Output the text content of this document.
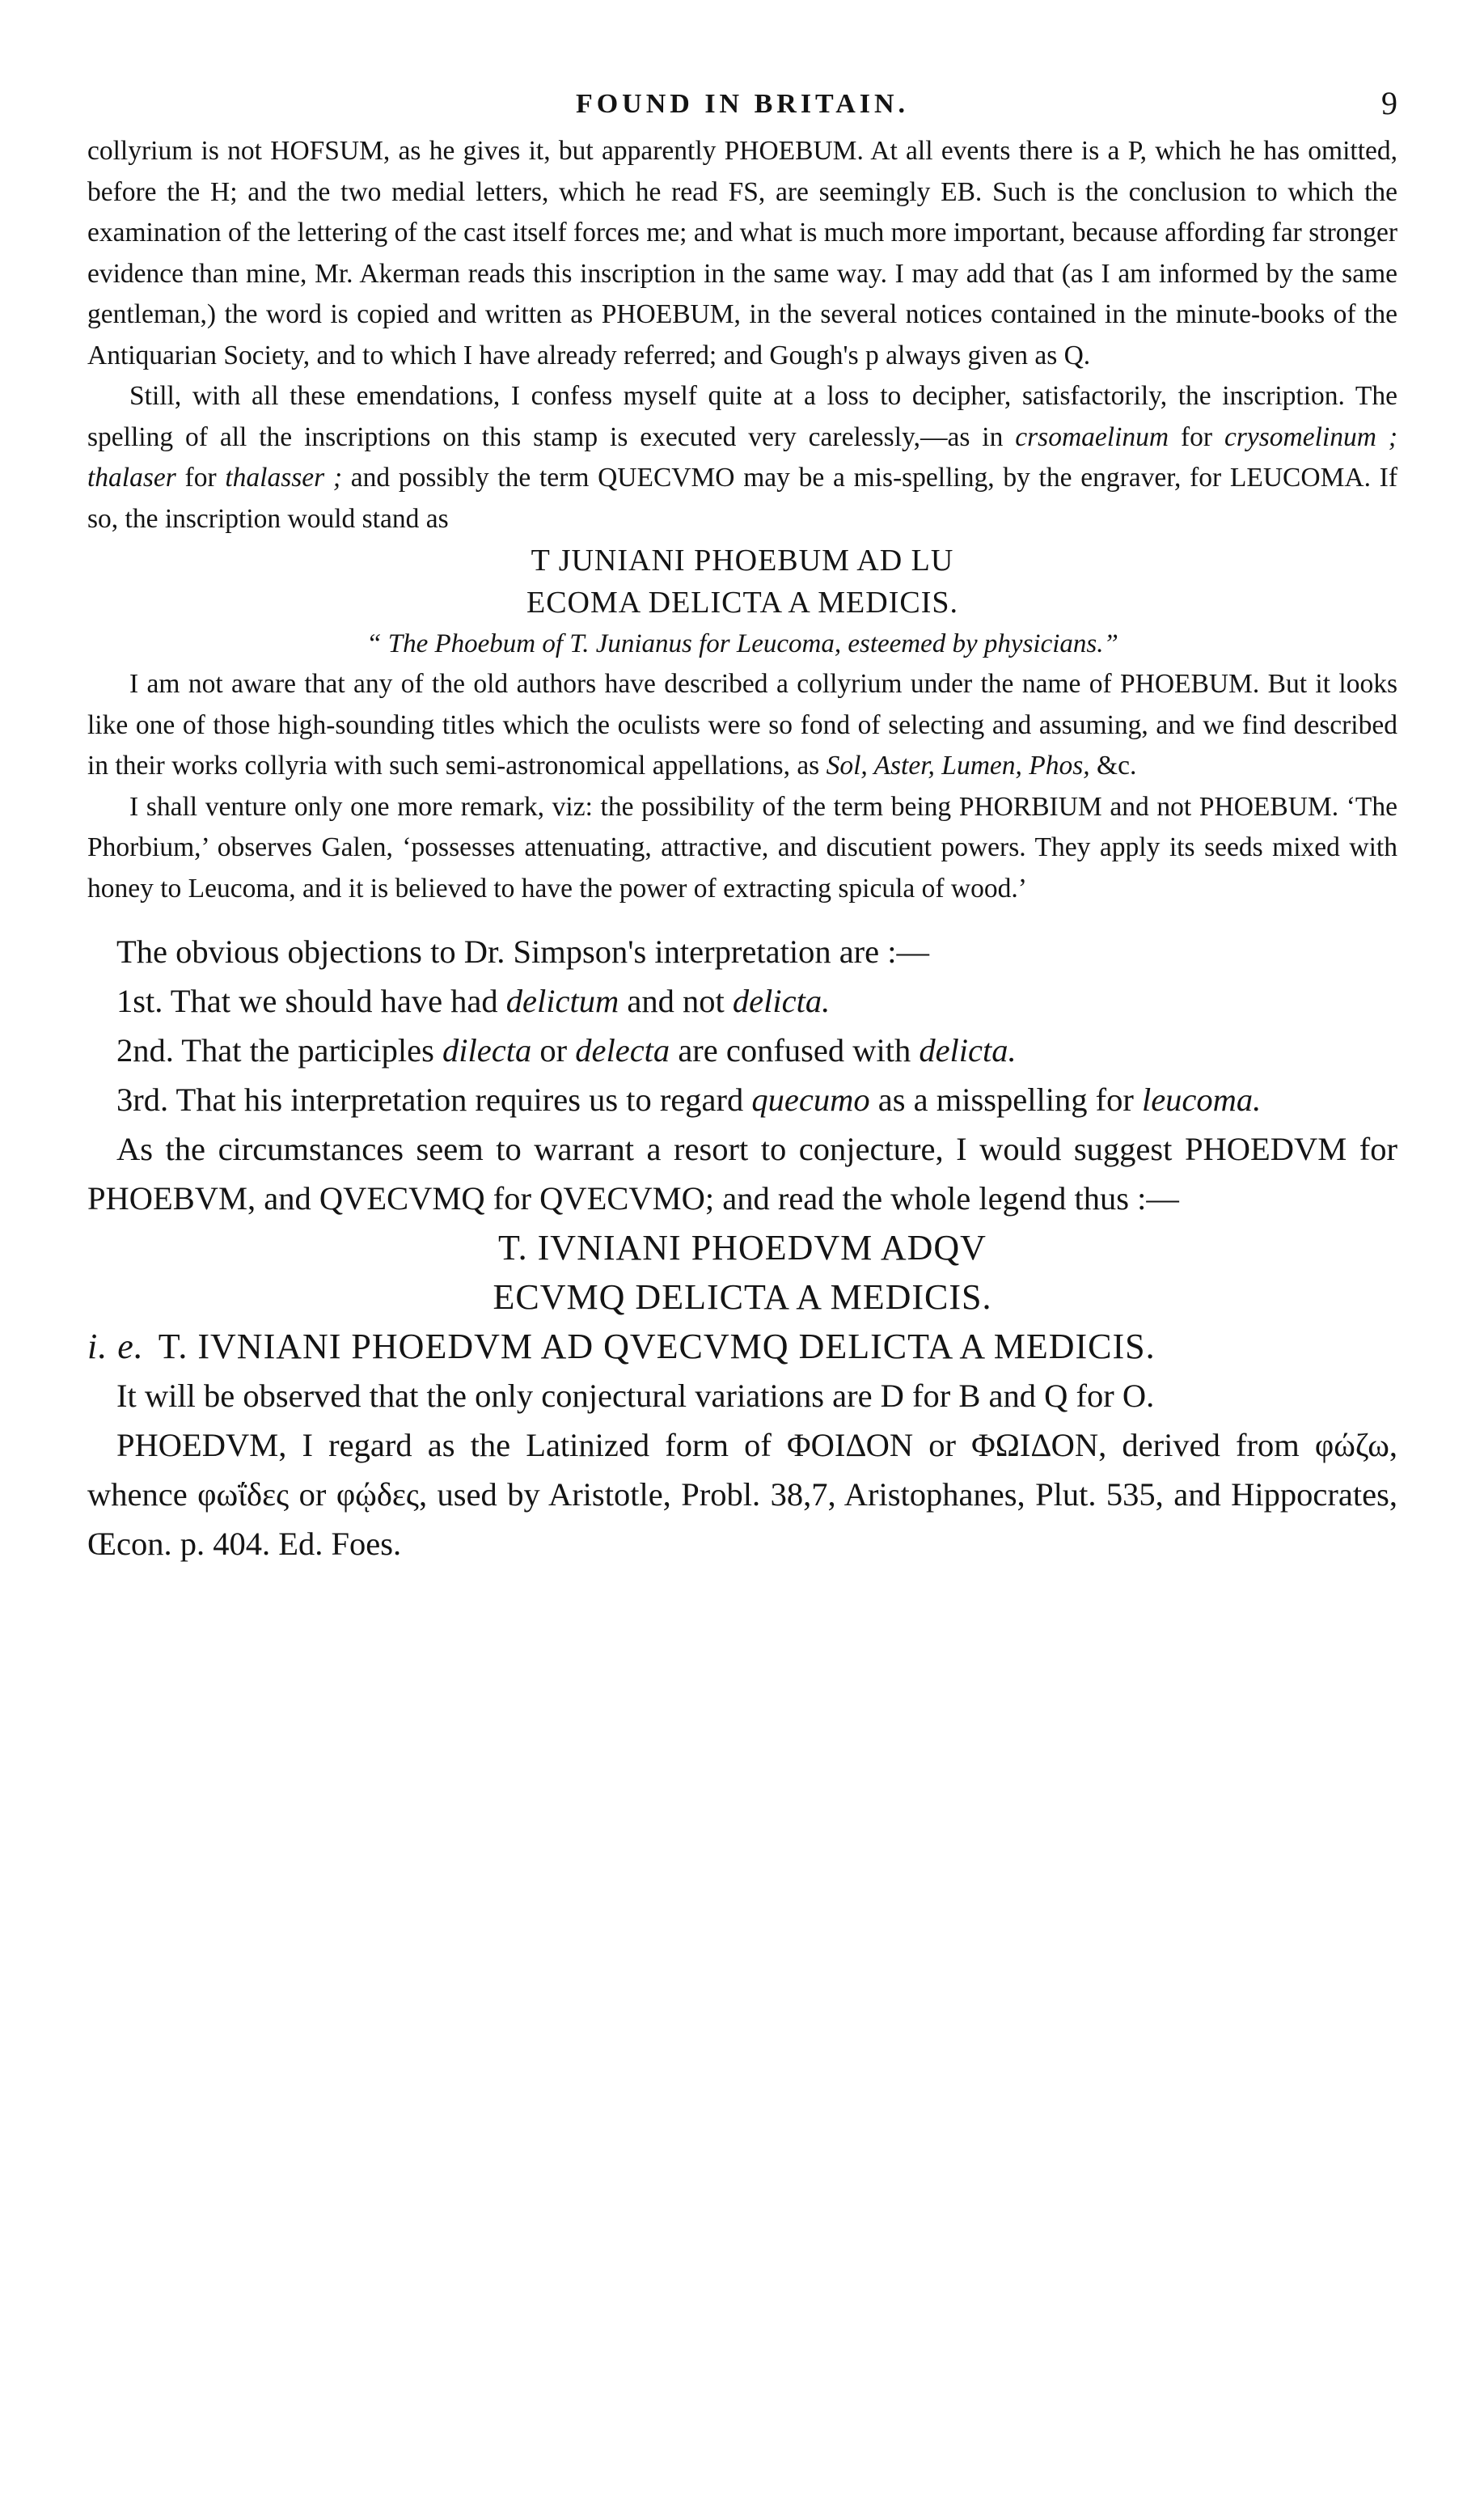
FOUND IN BRITAIN.	9

collyrium is not HOFSUM, as he gives it, but apparently PHOEBUM. At all events there is a P, which he has omitted, before the H; and the two medial letters, which he read FS, are seemingly EB. Such is the conclusion to which the examination of the lettering of the cast itself forces me; and what is much more important, because affording far stronger evidence than mine, Mr. Akerman reads this inscription in the same way. I may add that (as I am informed by the same gentleman,) the word is copied and written as PHOEBUM, in the several notices contained in the minute-books of the Antiquarian Society, and to which I have already referred; and Gough's p always given as Q.

Still, with all these emendations, I confess myself quite at a loss to decipher, satisfactorily, the inscription. The spelling of all the inscriptions on this stamp is executed very carelessly,—as in crsomaelinum for crysomelinum ; thalaser for thalasser ; and possibly the term QUECVMO may be a mis-spelling, by the engraver, for LEUCOMA. If so, the inscription would stand as

T JUNIANI PHOEBUM AD LU

ECOMA DELICTA A MEDICIS.

“ The Phoebum of T. Junianus for Leucoma, esteemed by physicians.”

I am not aware that any of the old authors have described a collyrium under the name of PHOEBUM. But it looks like one of those high-sounding titles which the oculists were so fond of selecting and assuming, and we find described in their works collyria with such semi-astronomical appellations, as Sol, Aster, Lumen, Phos, &c.

I shall venture only one more remark, viz: the possibility of the term being PHORBIUM and not PHOEBUM. ‘The Phorbium,’ observes Galen, ‘possesses attenuating, attractive, and discutient powers. They apply its seeds mixed with honey to Leucoma, and it is believed to have the power of extracting spicula of wood.’

The obvious objections to Dr. Simpson's interpretation are :—

1st. That we should have had delictum and not delicta.

2nd. That the participles dilecta or delecta are confused with delicta.

3rd. That his interpretation requires us to regard quecumo as a misspelling for leucoma.

As the circumstances seem to warrant a resort to conjecture, I would suggest PHOEDVM for PHOEBVM, and QVECVMQ for QVECVMO; and read the whole legend thus :—

T. IVNIANI PHOEDVM ADQV

ECVMQ DELICTA A MEDICIS.

i. e. T. IVNIANI PHOEDVM AD QVECVMQ DELICTA A MEDICIS.

It will be observed that the only conjectural variations are D for B and Q for O.

PHOEDVM, I regard as the Latinized form of ΦΟΙΔΟΝ or ΦΩΙΔΟΝ, derived from φώζω, whence φωΐδες or φῴδες, used by Aristotle, Probl. 38,7, Aristophanes, Plut. 535, and Hippocrates, Œcon. p. 404. Ed. Foes.
